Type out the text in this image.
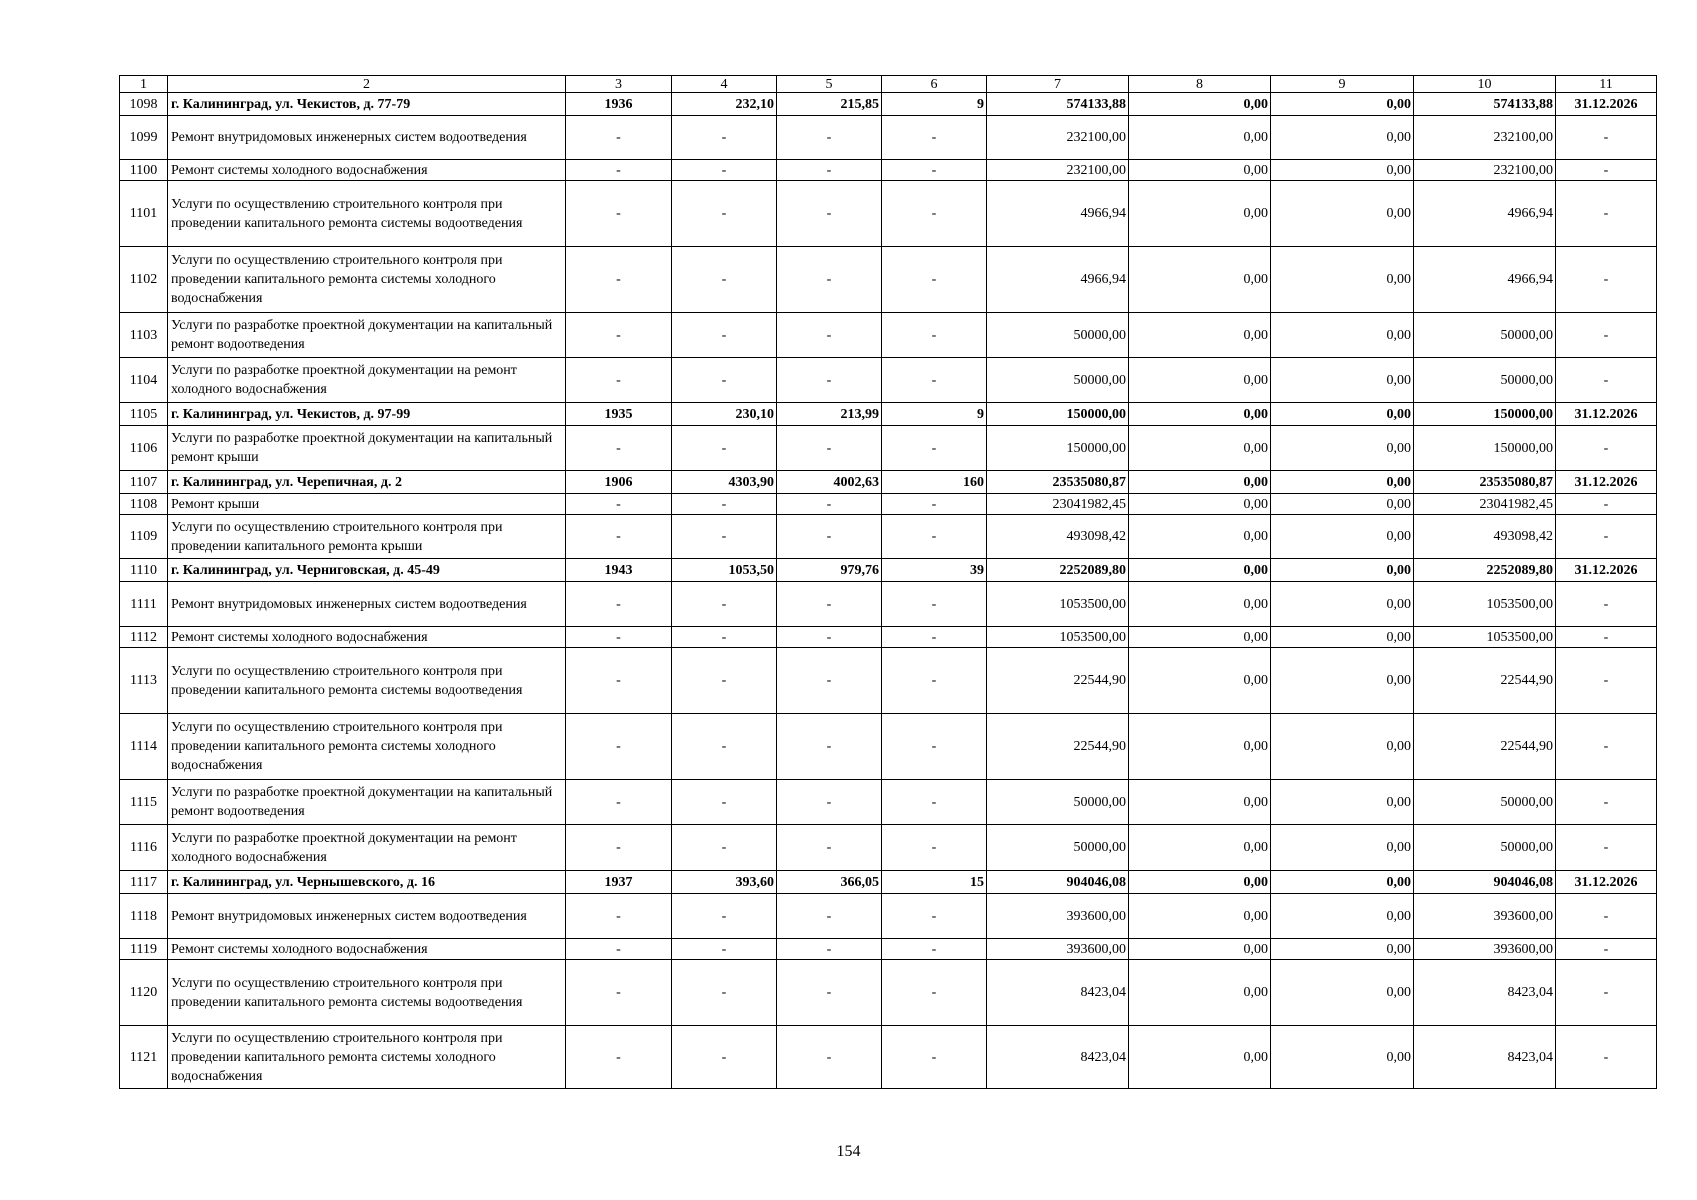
1	2	3	4	5	6	7	8	9	10	11
1098	г. Калининград, ул. Чекистов, д. 77-79	1936	232,10	215,85	9	574133,88	0,00	0,00	574133,88	31.12.2026
1099	Ремонт внутридомовых инженерных систем водоотведения	-	-	-	-	232100,00	0,00	0,00	232100,00	-
1100	Ремонт системы холодного водоснабжения	-	-	-	-	232100,00	0,00	0,00	232100,00	-
1101	Услуги по осуществлению строительного контроля при проведении капитального ремонта системы водоотведения	-	-	-	-	4966,94	0,00	0,00	4966,94	-
1102	Услуги по осуществлению строительного контроля при проведении капитального ремонта системы холодного водоснабжения	-	-	-	-	4966,94	0,00	0,00	4966,94	-
1103	Услуги по разработке проектной документации на капитальный ремонт водоотведения	-	-	-	-	50000,00	0,00	0,00	50000,00	-
1104	Услуги по разработке проектной документации на ремонт холодного водоснабжения	-	-	-	-	50000,00	0,00	0,00	50000,00	-
1105	г. Калининград, ул. Чекистов, д. 97-99	1935	230,10	213,99	9	150000,00	0,00	0,00	150000,00	31.12.2026
1106	Услуги по разработке проектной документации на капитальный ремонт крыши	-	-	-	-	150000,00	0,00	0,00	150000,00	-
1107	г. Калининград, ул. Черепичная, д. 2	1906	4303,90	4002,63	160	23535080,87	0,00	0,00	23535080,87	31.12.2026
1108	Ремонт крыши	-	-	-	-	23041982,45	0,00	0,00	23041982,45	-
1109	Услуги по осуществлению строительного контроля при проведении капитального ремонта крыши	-	-	-	-	493098,42	0,00	0,00	493098,42	-
1110	г. Калининград, ул. Черниговская, д. 45-49	1943	1053,50	979,76	39	2252089,80	0,00	0,00	2252089,80	31.12.2026
1111	Ремонт внутридомовых инженерных систем водоотведения	-	-	-	-	1053500,00	0,00	0,00	1053500,00	-
1112	Ремонт системы холодного водоснабжения	-	-	-	-	1053500,00	0,00	0,00	1053500,00	-
1113	Услуги по осуществлению строительного контроля при проведении капитального ремонта системы водоотведения	-	-	-	-	22544,90	0,00	0,00	22544,90	-
1114	Услуги по осуществлению строительного контроля при проведении капитального ремонта системы холодного водоснабжения	-	-	-	-	22544,90	0,00	0,00	22544,90	-
1115	Услуги по разработке проектной документации на капитальный ремонт водоотведения	-	-	-	-	50000,00	0,00	0,00	50000,00	-
1116	Услуги по разработке проектной документации на ремонт холодного водоснабжения	-	-	-	-	50000,00	0,00	0,00	50000,00	-
1117	г. Калининград, ул. Чернышевского, д. 16	1937	393,60	366,05	15	904046,08	0,00	0,00	904046,08	31.12.2026
1118	Ремонт внутридомовых инженерных систем водоотведения	-	-	-	-	393600,00	0,00	0,00	393600,00	-
1119	Ремонт системы холодного водоснабжения	-	-	-	-	393600,00	0,00	0,00	393600,00	-
1120	Услуги по осуществлению строительного контроля при проведении капитального ремонта системы водоотведения	-	-	-	-	8423,04	0,00	0,00	8423,04	-
1121	Услуги по осуществлению строительного контроля при проведении капитального ремонта системы холодного водоснабжения	-	-	-	-	8423,04	0,00	0,00	8423,04	-
154
